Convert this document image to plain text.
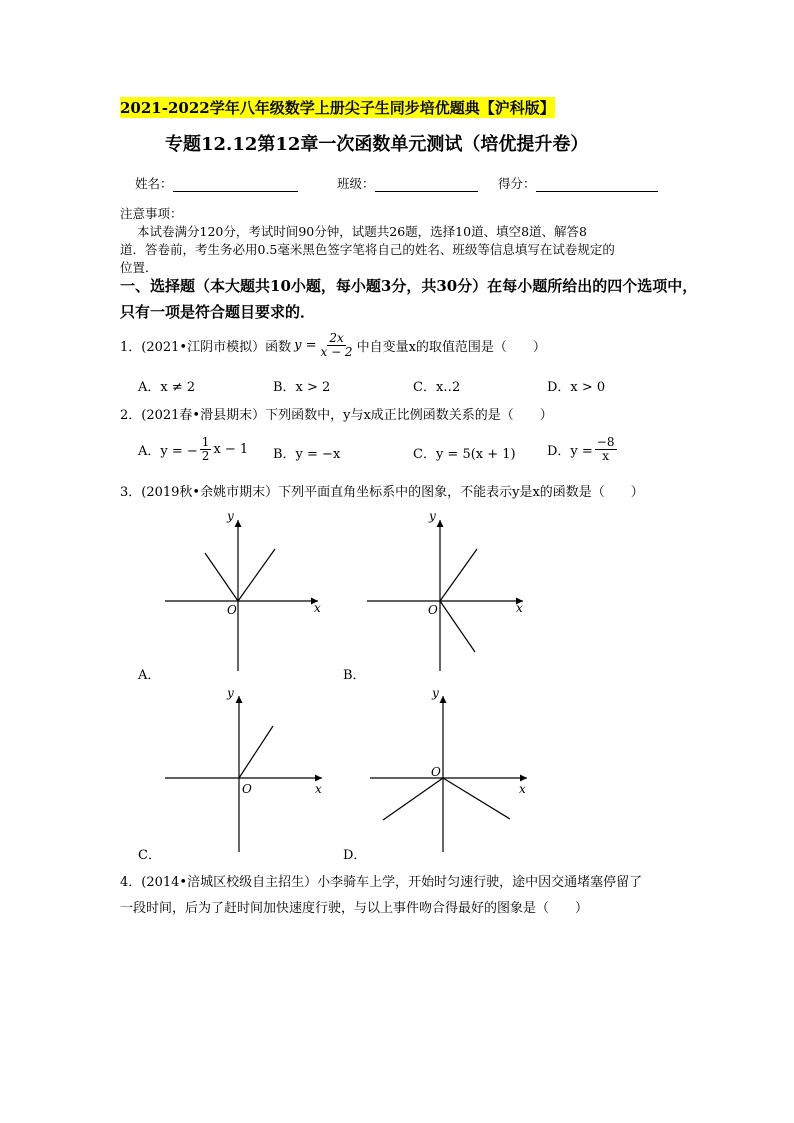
2021-2022学年八年级数学上册尖子生同步培优题典【沪科版】
专题12.12第12章一次函数单元测试（培优提升卷）
姓名：	班级：	得分：
注意事项：
本试卷满分120分，考试时间90分钟，试题共26题，选择10道、填空8道、解答8
道．答卷前，考生务必用0.5毫米黑色签字笔将自己的姓名、班级等信息填写在试卷规定的
位置．
一、选择题（本大题共10小题，每小题3分，共30分）在每小题所给出的四个选项中，
只有一项是符合题目要求的．
1．(2021•江阴市模拟）函数 $y = \frac{2x}{x - 2}$ 中自变量x的取值范围是（　　）
A．x ≠ 2	B．x > 2	C．x‥2	D．x > 0
2．(2021春•滑县期末）下列函数中，y与x成正比例函数关系的是（　　）
A．y = − $\frac{1}{2}$ x − 1 B．y = −x	C．y = 5(x + 1) D．$y = \frac{-8}{x}$
3．(2019秋•余姚市期末）下列平面直角坐标系中的图象，不能表示y是x的函数是（　　）
y
x
O
y
x
O
y
x
O
y
x
O
A．	B．
C．	D．
4．(2014•涪城区校级自主招生）小李骑车上学，开始时匀速行驶，途中因交通堵塞停留了
一段时间，后为了赶时间加快速度行驶，与以上事件吻合得最好的图象是（　　）
